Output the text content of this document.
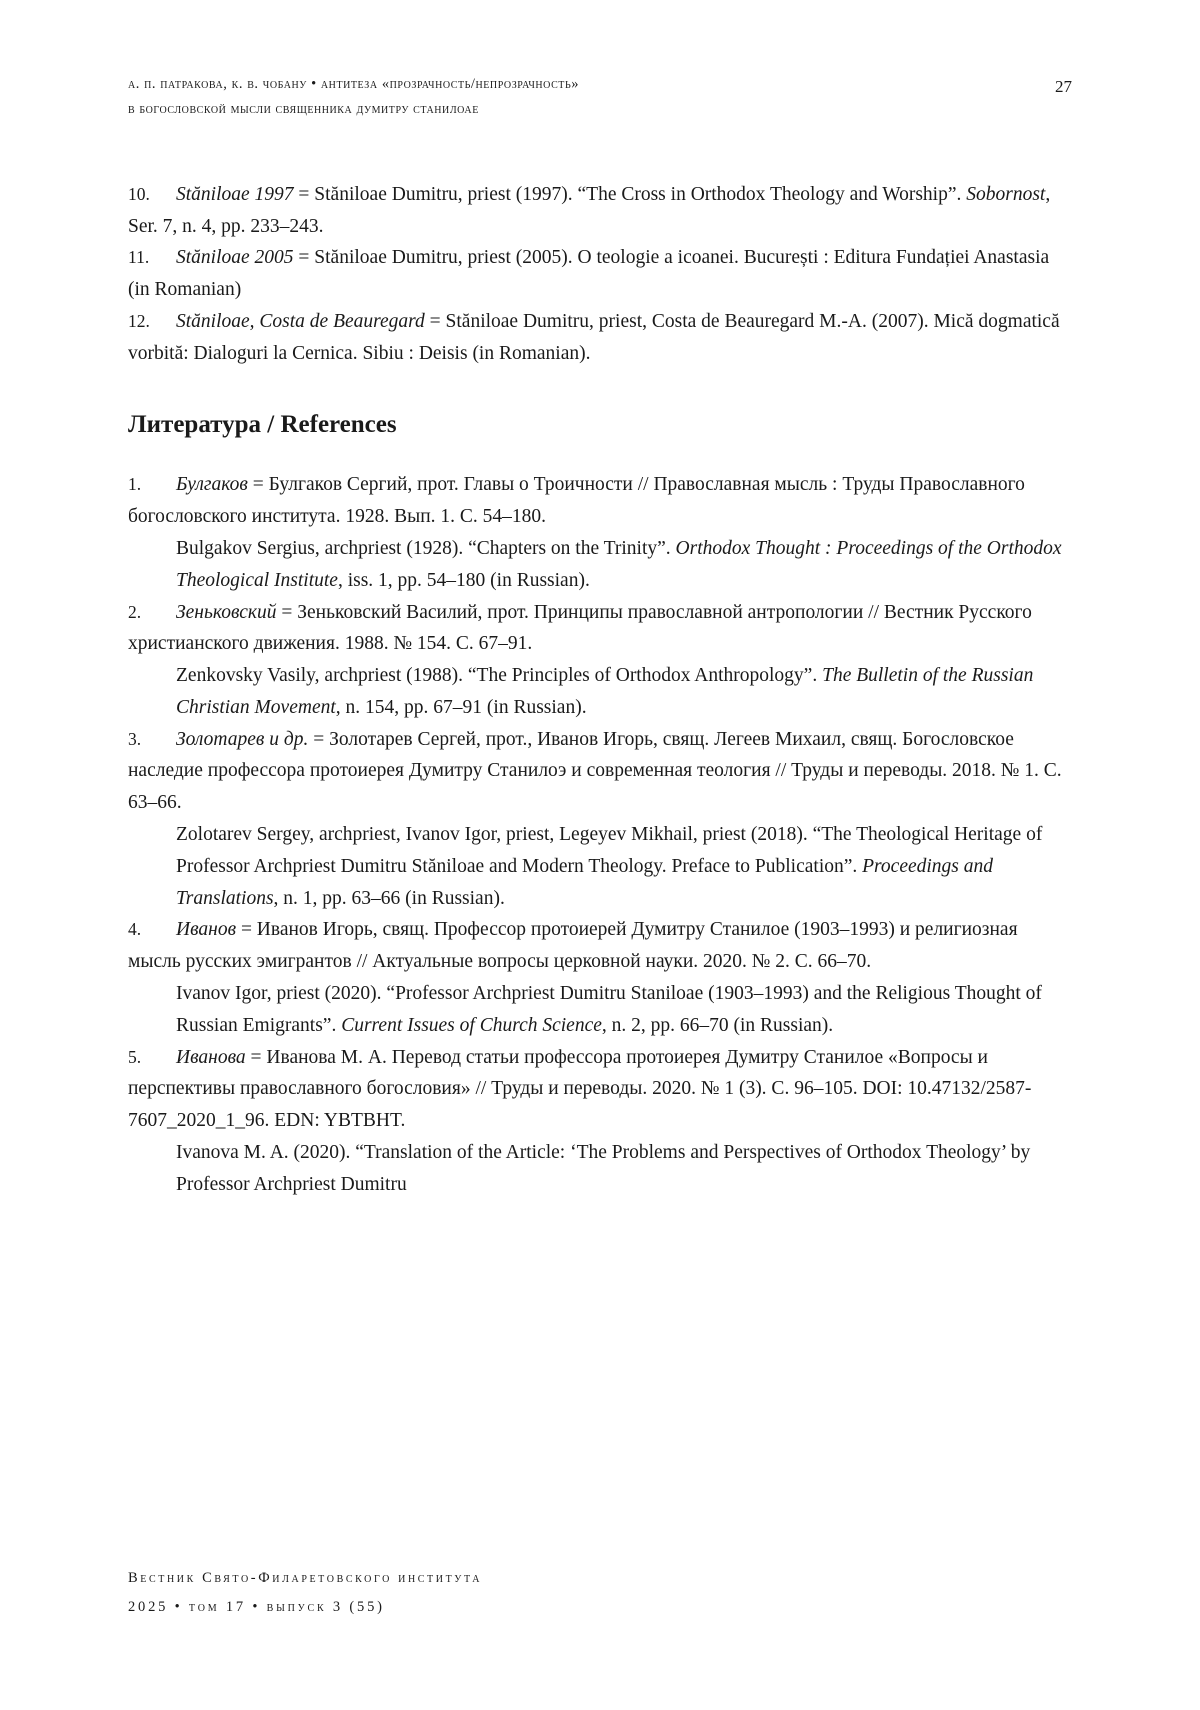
а. п. патракова, к. в. чобану • антитеза «прозрачность/непрозрачность»
в богословской мысли священника думитру станилоае
27

10. Stăniloae 1997 = Stăniloae Dumitru, priest (1997). “The Cross in Orthodox Theology and Worship”. Sobornost, Ser. 7, n. 4, pp. 233–243.

11. Stăniloae 2005 = Stăniloae Dumitru, priest (2005). O teologie a icoanei. București : Editura Fundației Anastasia (in Romanian)

12. Stăniloae, Costa de Beauregard = Stăniloae Dumitru, priest, Costa de Beauregard M.-A. (2007). Mică dogmatică vorbită: Dialoguri la Cernica. Sibiu : Deisis (in Romanian).

Литература / References

1. Булгаков = Булгаков Сергий, прот. Главы о Троичности // Православная мысль : Труды Православного богословского института. 1928. Вып. 1. С. 54–180.

Bulgakov Sergius, archpriest (1928). “Chapters on the Trinity”. Orthodox Thought : Proceedings of the Orthodox Theological Institute, iss. 1, pp. 54–180 (in Russian).

2. Зеньковский = Зеньковский Василий, прот. Принципы православной антропологии // Вестник Русского христианского движения. 1988. № 154. С. 67–91.

Zenkovsky Vasily, archpriest (1988). “The Principles of Orthodox Anthropology”. The Bulletin of the Russian Christian Movement, n. 154, pp. 67–91 (in Russian).

3. Золотарев и др. = Золотарев Сергей, прот., Иванов Игорь, свящ. Легеев Михаил, свящ. Богословское наследие профессора протоиерея Думитру Станилоэ и современная теология // Труды и переводы. 2018. № 1. С. 63–66.

Zolotarev Sergey, archpriest, Ivanov Igor, priest, Legeyev Mikhail, priest (2018). “The Theological Heritage of Professor Archpriest Dumitru Stăniloae and Modern Theology. Preface to Publication”. Proceedings and Translations, n. 1, pp. 63–66 (in Russian).

4. Иванов = Иванов Игорь, свящ. Профессор протоиерей Думитру Станилое (1903–1993) и религиозная мысль русских эмигрантов // Актуальные вопросы церковной науки. 2020. № 2. С. 66–70.

Ivanov Igor, priest (2020). “Professor Archpriest Dumitru Staniloae (1903–1993) and the Religious Thought of Russian Emigrants”. Current Issues of Church Science, n. 2, pp. 66–70 (in Russian).

5. Иванова = Иванова М. А. Перевод статьи профессора протоиерея Думитру Станилое «Вопросы и перспективы православного богословия» // Труды и переводы. 2020. № 1 (3). С. 96–105. DOI: 10.47132/2587-7607_2020_1_96. EDN: YBTBHT.

Ivanova M. A. (2020). “Translation of the Article: ‘The Problems and Perspectives of Orthodox Theology’ by Professor Archpriest Dumitru

Вестник Свято-Филаретовского института
2025 • том 17 • выпуск 3 (55)
